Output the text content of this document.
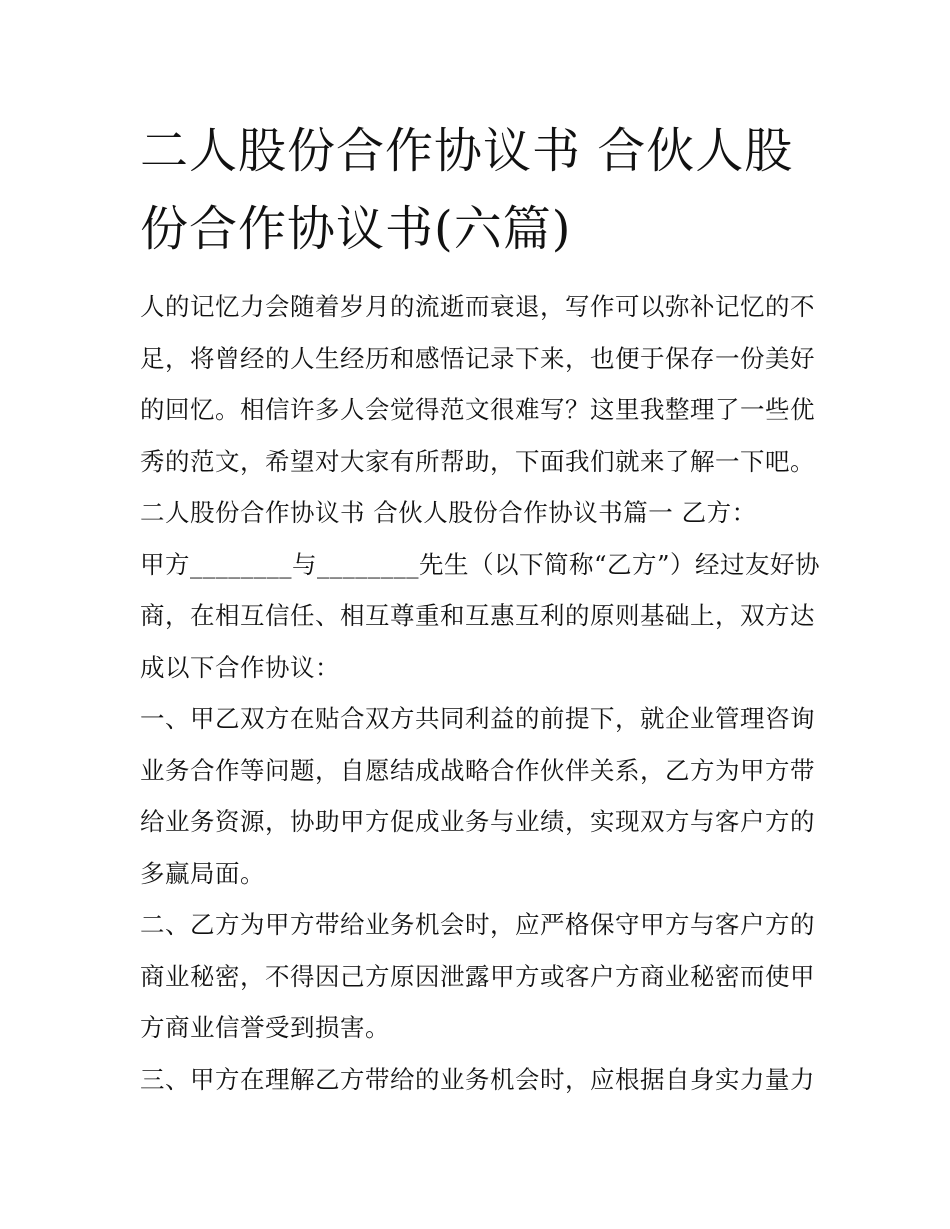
二人股份合作协议书 合伙人股
份合作协议书(六篇)
人的记忆力会随着岁月的流逝而衰退，写作可以弥补记忆的不
足，将曾经的人生经历和感悟记录下来，也便于保存一份美好
的回忆。相信许多人会觉得范文很难写？这里我整理了一些优
秀的范文，希望对大家有所帮助，下面我们就来了解一下吧。
二人股份合作协议书 合伙人股份合作协议书篇一 乙方：
甲方________与________先生（以下简称“乙方”）经过友好协
商，在相互信任、相互尊重和互惠互利的原则基础上，双方达
成以下合作协议：
一、甲乙双方在贴合双方共同利益的前提下，就企业管理咨询
业务合作等问题，自愿结成战略合作伙伴关系，乙方为甲方带
给业务资源，协助甲方促成业务与业绩，实现双方与客户方的
多赢局面。
二、乙方为甲方带给业务机会时，应严格保守甲方与客户方的
商业秘密，不得因己方原因泄露甲方或客户方商业秘密而使甲
方商业信誉受到损害。
三、甲方在理解乙方带给的业务机会时，应根据自身实力量力
